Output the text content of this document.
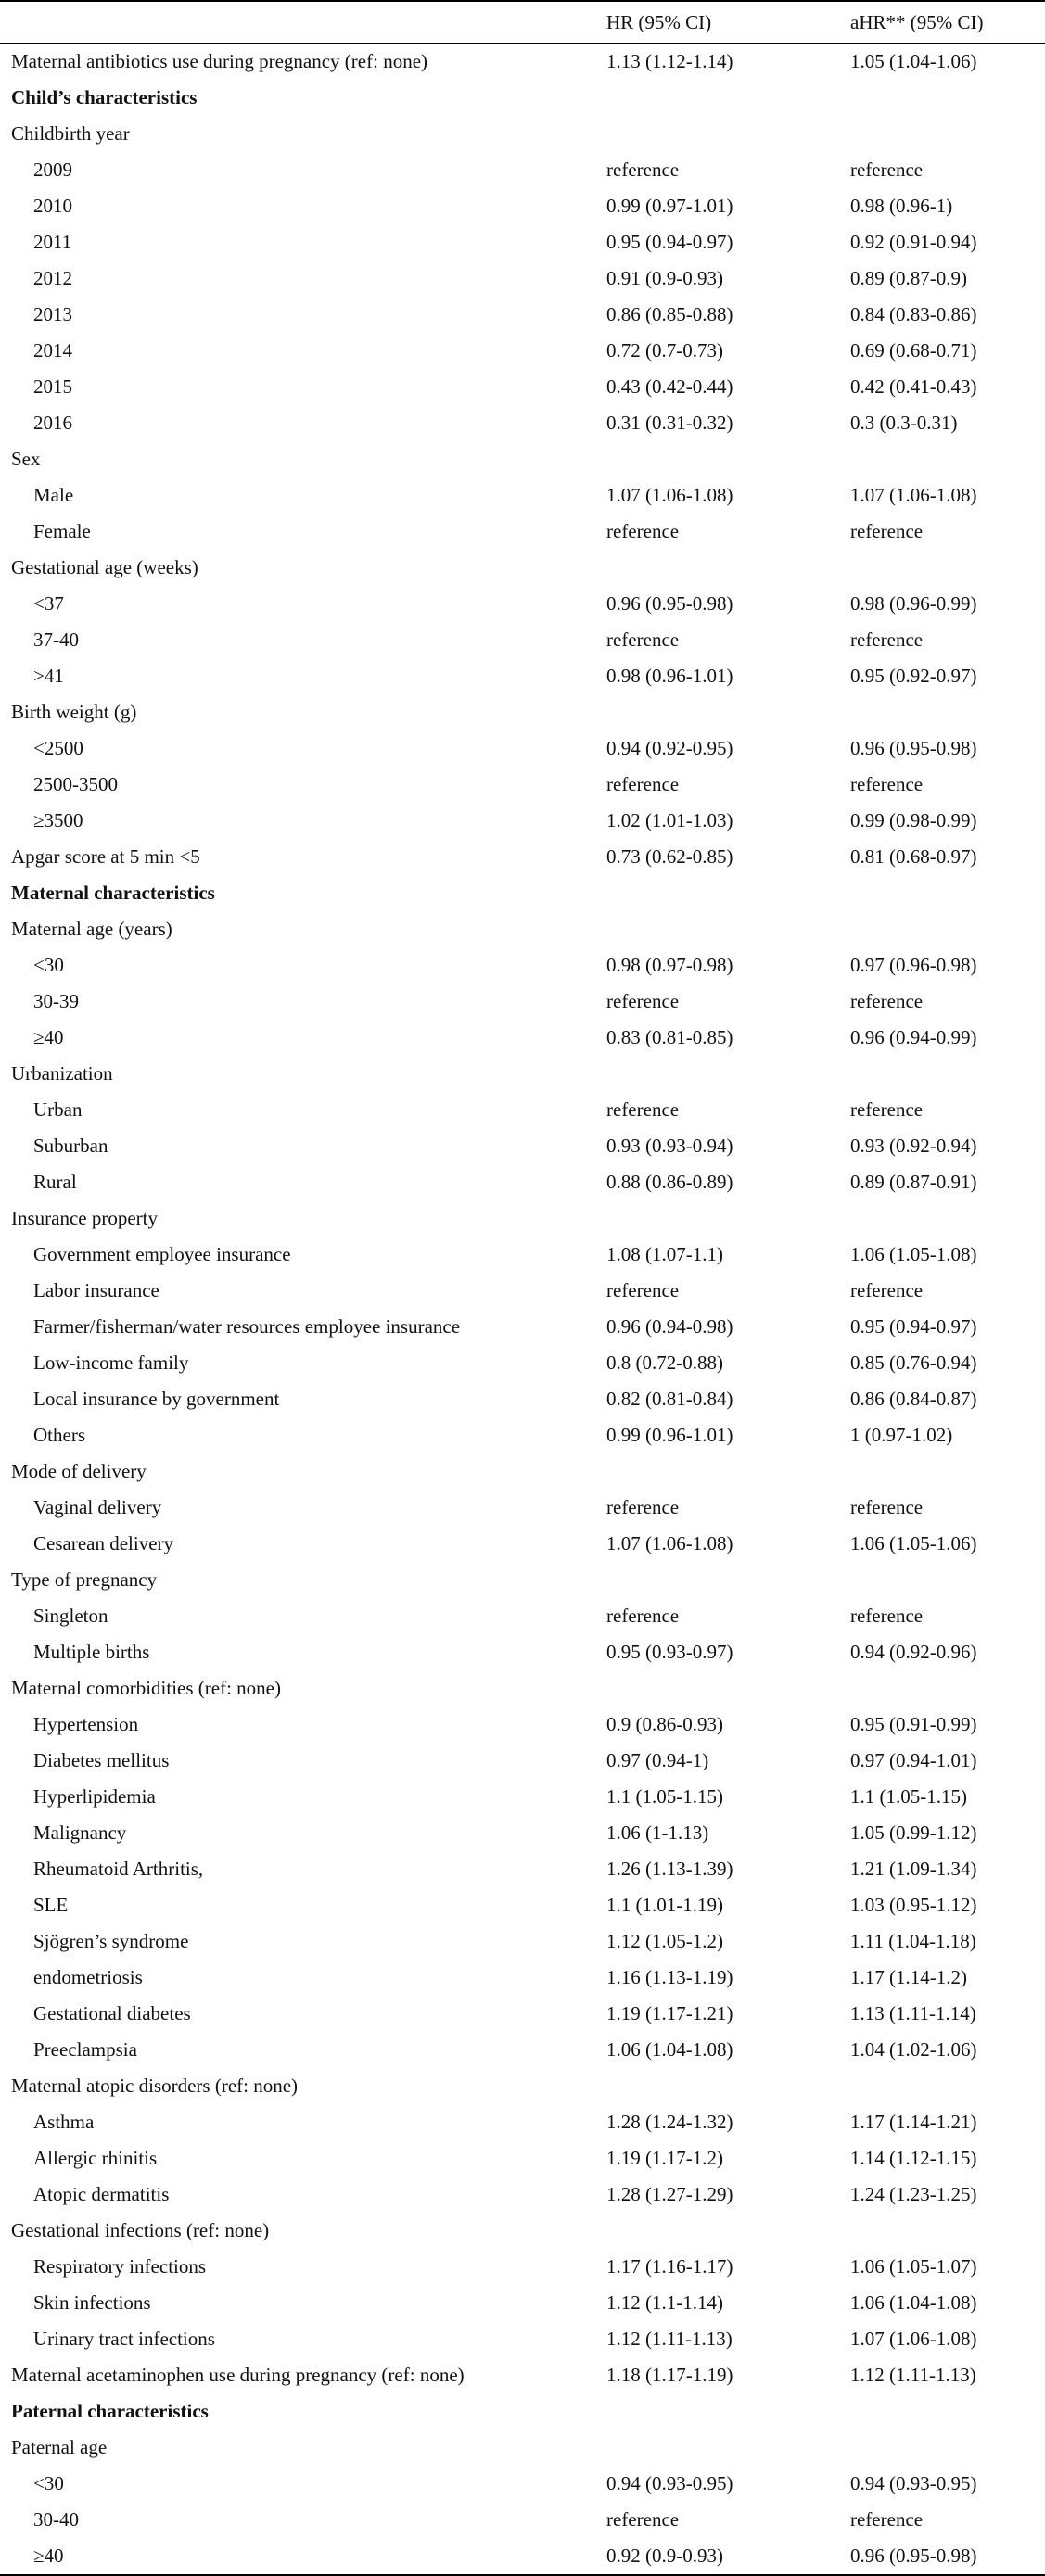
	HR (95% CI)	aHR** (95% CI)
Maternal antibiotics use during pregnancy (ref: none)	1.13 (1.12-1.14)	1.05 (1.04-1.06)
Child’s characteristics		
Childbirth year		
2009	reference	reference
2010	0.99 (0.97-1.01)	0.98 (0.96-1)
2011	0.95 (0.94-0.97)	0.92 (0.91-0.94)
2012	0.91 (0.9-0.93)	0.89 (0.87-0.9)
2013	0.86 (0.85-0.88)	0.84 (0.83-0.86)
2014	0.72 (0.7-0.73)	0.69 (0.68-0.71)
2015	0.43 (0.42-0.44)	0.42 (0.41-0.43)
2016	0.31 (0.31-0.32)	0.3 (0.3-0.31)
Sex		
Male	1.07 (1.06-1.08)	1.07 (1.06-1.08)
Female	reference	reference
Gestational age (weeks)		
<37	0.96 (0.95-0.98)	0.98 (0.96-0.99)
37-40	reference	reference
>41	0.98 (0.96-1.01)	0.95 (0.92-0.97)
Birth weight (g)		
<2500	0.94 (0.92-0.95)	0.96 (0.95-0.98)
2500-3500	reference	reference
≥3500	1.02 (1.01-1.03)	0.99 (0.98-0.99)
Apgar score at 5 min <5	0.73 (0.62-0.85)	0.81 (0.68-0.97)
Maternal characteristics		
Maternal age (years)		
<30	0.98 (0.97-0.98)	0.97 (0.96-0.98)
30-39	reference	reference
≥40	0.83 (0.81-0.85)	0.96 (0.94-0.99)
Urbanization		
Urban	reference	reference
Suburban	0.93 (0.93-0.94)	0.93 (0.92-0.94)
Rural	0.88 (0.86-0.89)	0.89 (0.87-0.91)
Insurance property		
Government employee insurance	1.08 (1.07-1.1)	1.06 (1.05-1.08)
Labor insurance	reference	reference
Farmer/fisherman/water resources employee insurance	0.96 (0.94-0.98)	0.95 (0.94-0.97)
Low-income family	0.8 (0.72-0.88)	0.85 (0.76-0.94)
Local insurance by government	0.82 (0.81-0.84)	0.86 (0.84-0.87)
Others	0.99 (0.96-1.01)	1 (0.97-1.02)
Mode of delivery		
Vaginal delivery	reference	reference
Cesarean delivery	1.07 (1.06-1.08)	1.06 (1.05-1.06)
Type of pregnancy		
Singleton	reference	reference
Multiple births	0.95 (0.93-0.97)	0.94 (0.92-0.96)
Maternal comorbidities (ref: none)		
Hypertension	0.9 (0.86-0.93)	0.95 (0.91-0.99)
Diabetes mellitus	0.97 (0.94-1)	0.97 (0.94-1.01)
Hyperlipidemia	1.1 (1.05-1.15)	1.1 (1.05-1.15)
Malignancy	1.06 (1-1.13)	1.05 (0.99-1.12)
Rheumatoid Arthritis,	1.26 (1.13-1.39)	1.21 (1.09-1.34)
SLE	1.1 (1.01-1.19)	1.03 (0.95-1.12)
Sjögren’s syndrome	1.12 (1.05-1.2)	1.11 (1.04-1.18)
endometriosis	1.16 (1.13-1.19)	1.17 (1.14-1.2)
Gestational diabetes	1.19 (1.17-1.21)	1.13 (1.11-1.14)
Preeclampsia	1.06 (1.04-1.08)	1.04 (1.02-1.06)
Maternal atopic disorders (ref: none)		
Asthma	1.28 (1.24-1.32)	1.17 (1.14-1.21)
Allergic rhinitis	1.19 (1.17-1.2)	1.14 (1.12-1.15)
Atopic dermatitis	1.28 (1.27-1.29)	1.24 (1.23-1.25)
Gestational infections (ref: none)		
Respiratory infections	1.17 (1.16-1.17)	1.06 (1.05-1.07)
Skin infections	1.12 (1.1-1.14)	1.06 (1.04-1.08)
Urinary tract infections	1.12 (1.11-1.13)	1.07 (1.06-1.08)
Maternal acetaminophen use during pregnancy (ref: none)	1.18 (1.17-1.19)	1.12 (1.11-1.13)
Paternal characteristics		
Paternal age		
<30	0.94 (0.93-0.95)	0.94 (0.93-0.95)
30-40	reference	reference
≥40	0.92 (0.9-0.93)	0.96 (0.95-0.98)
